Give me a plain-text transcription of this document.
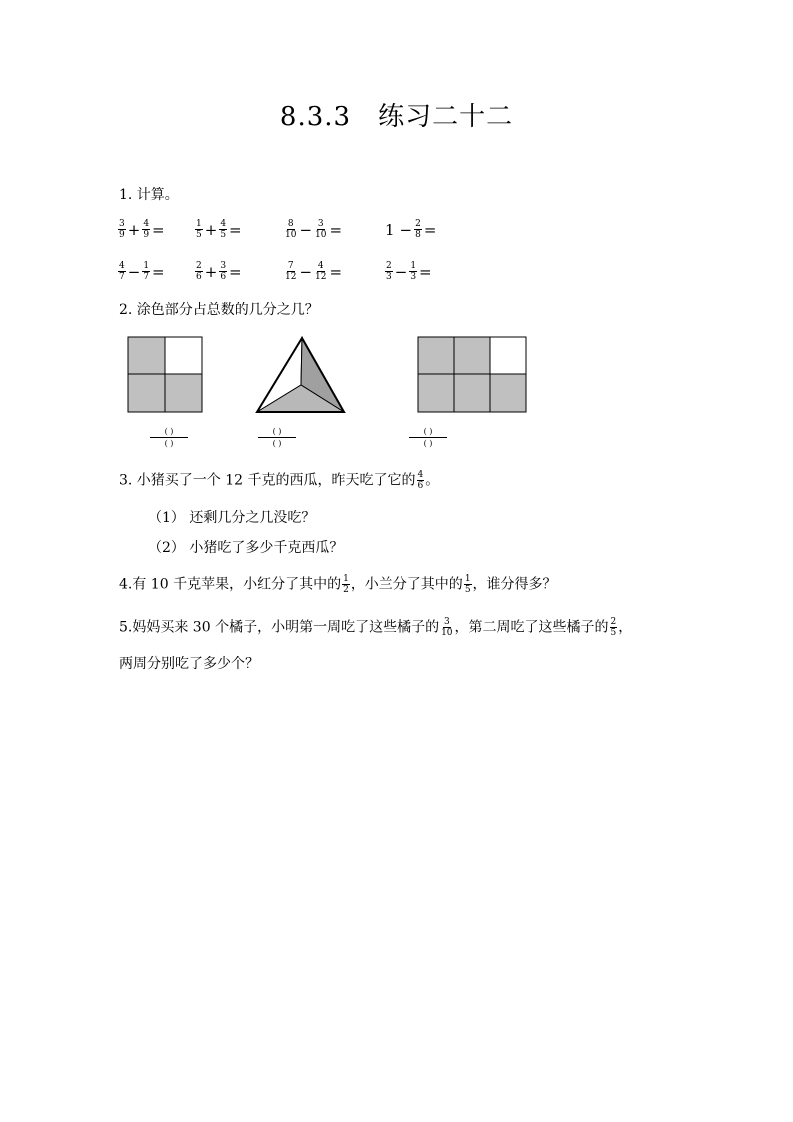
8.3.3　练习二十二
1. 计算。
$\frac{3}{9} + \frac{4}{9}$ =	$\frac{1}{5} + \frac{4}{5}$ =	$\frac{8}{10} - \frac{3}{10}$ =	$1 - \frac{2}{8}$ =
$\frac{4}{7} - \frac{1}{7}$ =	$\frac{2}{6} + \frac{3}{6}$ =	$\frac{7}{12} - \frac{4}{12}$ =	$\frac{2}{3} - \frac{1}{3}$ =
2. 涂色部分占总数的几分之几？
( )
( )
( )
( )
( )
( )
3. 小猪买了一个 12 千克的西瓜，昨天吃了它的 $\frac{4}{6}$ 。
（1） 还剩几分之几没吃？
（2） 小猪吃了多少千克西瓜？
4.有 10 千克苹果，小红分了其中的 $\frac{1}{2}$ ，小兰分了其中的 $\frac{1}{5}$ ，谁分得多？
5.妈妈买来 30 个橘子，小明第一周吃了这些橘子的 $\frac{3}{10}$ ，第二周吃了这些橘子的 $\frac{2}{5}$ ，
两周分别吃了多少个？
